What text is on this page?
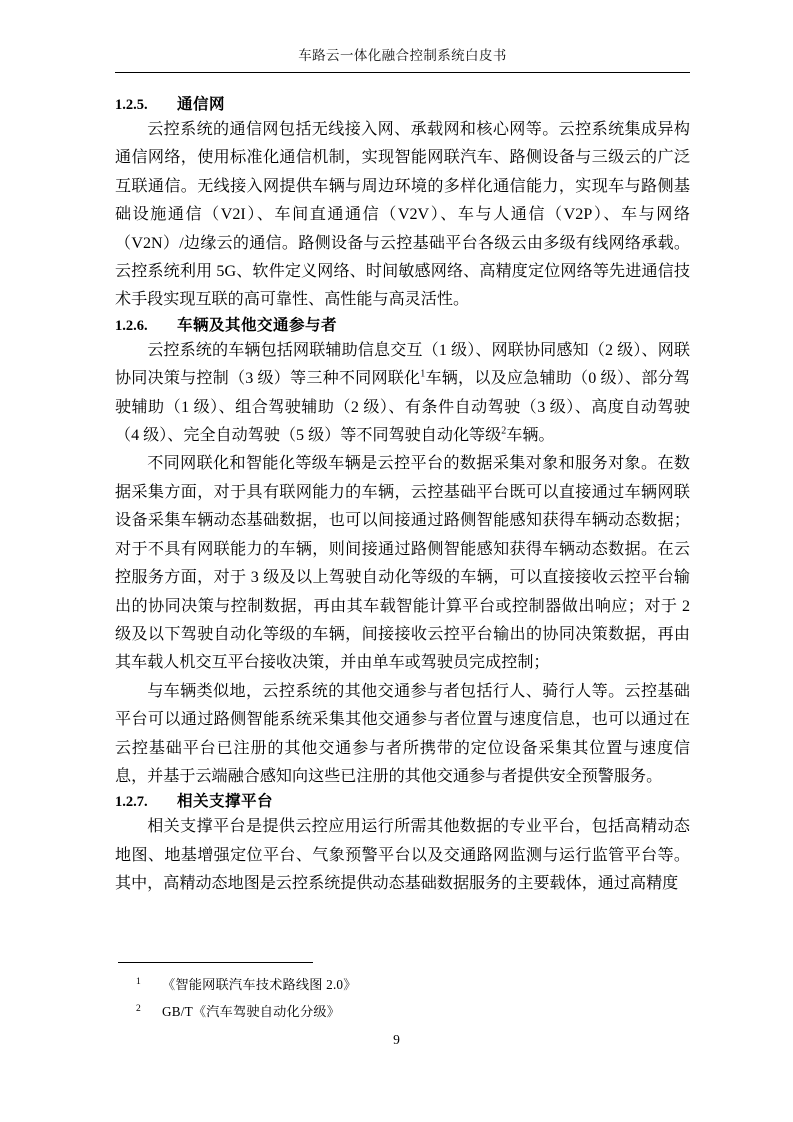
车路云一体化融合控制系统白皮书
1.2.5.	通信网

云控系统的通信网包括无线接入网、承载网和核心网等。云控系统集成异构通信网络，使用标准化通信机制，实现智能网联汽车、路侧设备与三级云的广泛互联通信。无线接入网提供车辆与周边环境的多样化通信能力，实现车与路侧基础设施通信（V2I）、车间直通通信（V2V）、车与人通信（V2P）、车与网络（V2N）/边缘云的通信。路侧设备与云控基础平台各级云由多级有线网络承载。云控系统利用 5G、软件定义网络、时间敏感网络、高精度定位网络等先进通信技术手段实现互联的高可靠性、高性能与高灵活性。

1.2.6.	车辆及其他交通参与者

云控系统的车辆包括网联辅助信息交互（1 级）、网联协同感知（2 级）、网联协同决策与控制（3 级）等三种不同网联化$^1$车辆，以及应急辅助（0 级）、部分驾驶辅助（1 级）、组合驾驶辅助（2 级）、有条件自动驾驶（3 级）、高度自动驾驶（4 级）、完全自动驾驶（5 级）等不同驾驶自动化等级$^2$车辆。

不同网联化和智能化等级车辆是云控平台的数据采集对象和服务对象。在数据采集方面，对于具有联网能力的车辆，云控基础平台既可以直接通过车辆网联设备采集车辆动态基础数据，也可以间接通过路侧智能感知获得车辆动态数据；对于不具有网联能力的车辆，则间接通过路侧智能感知获得车辆动态数据。在云控服务方面，对于 3 级及以上驾驶自动化等级的车辆，可以直接接收云控平台输出的协同决策与控制数据，再由其车载智能计算平台或控制器做出响应；对于 2 级及以下驾驶自动化等级的车辆，间接接收云控平台输出的协同决策数据，再由其车载人机交互平台接收决策，并由单车或驾驶员完成控制；

与车辆类似地，云控系统的其他交通参与者包括行人、骑行人等。云控基础平台可以通过路侧智能系统采集其他交通参与者位置与速度信息，也可以通过在云控基础平台已注册的其他交通参与者所携带的定位设备采集其位置与速度信息，并基于云端融合感知向这些已注册的其他交通参与者提供安全预警服务。

1.2.7.	相关支撑平台

相关支撑平台是提供云控应用运行所需其他数据的专业平台，包括高精动态地图、地基增强定位平台、气象预警平台以及交通路网监测与运行监管平台等。其中，高精动态地图是云控系统提供动态基础数据服务的主要载体，通过高精度

1	《智能网联汽车技术路线图 2.0》
2	GB/T《汽车驾驶自动化分级》
9
